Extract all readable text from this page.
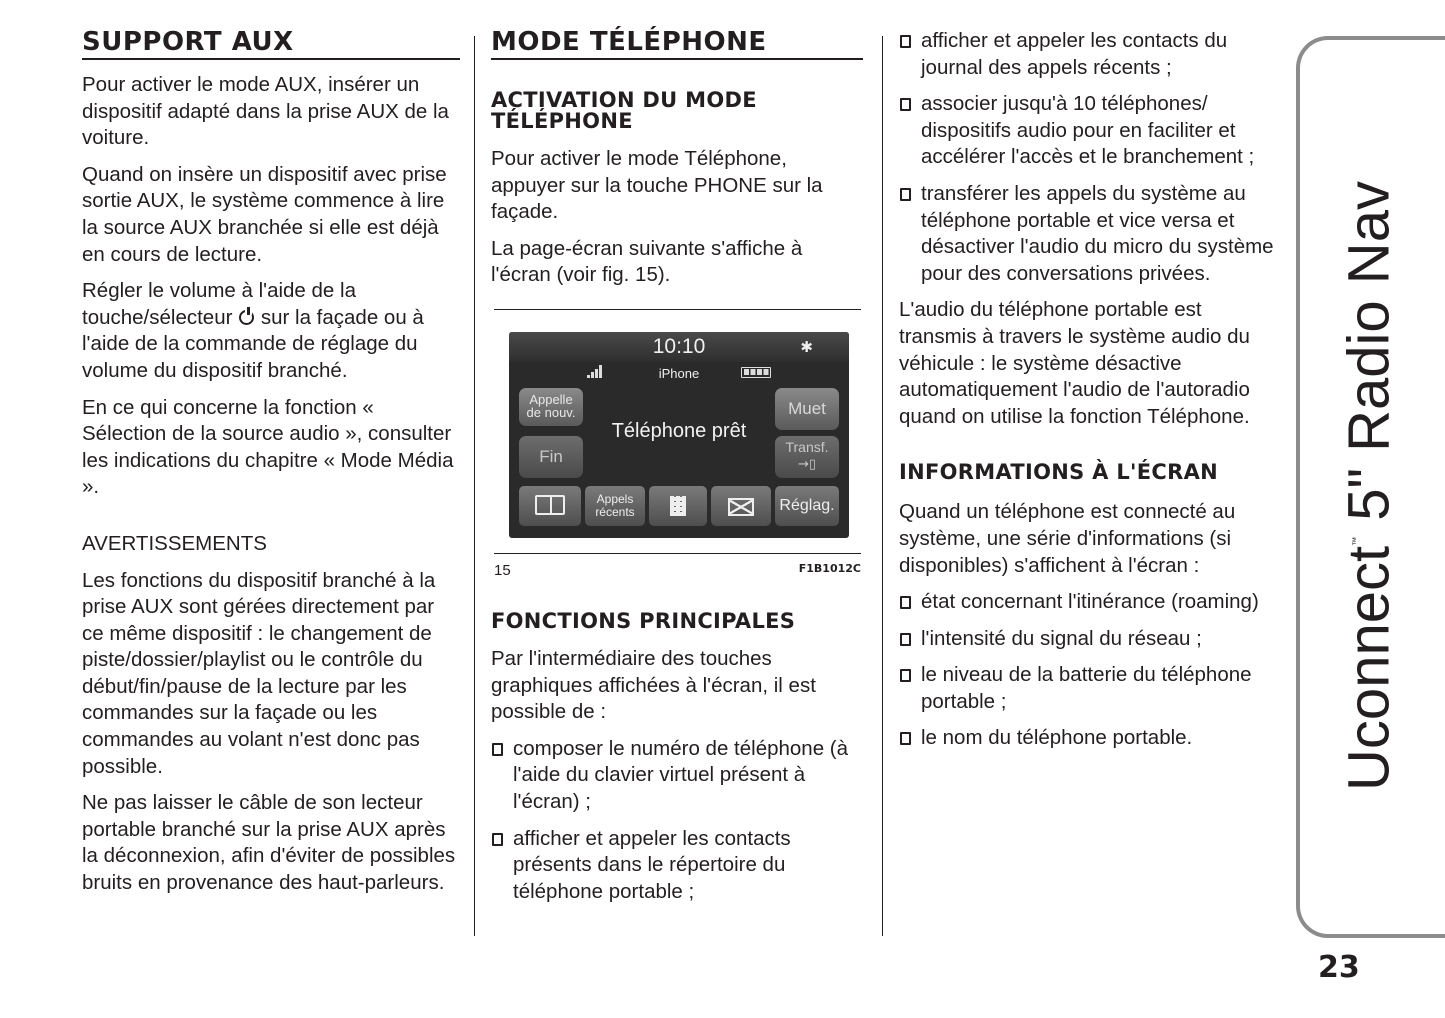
SUPPORT AUX

Pour activer le mode AUX, insérer un dispositif adapté dans la prise AUX de la voiture.

Quand on insère un dispositif avec prise sortie AUX, le système commence à lire la source AUX branchée si elle est déjà en cours de lecture.

Régler le volume à l'aide de la touche/sélecteur sur la façade ou à l'aide de la commande de réglage du volume du dispositif branché.

En ce qui concerne la fonction « Sélection de la source audio », consulter les indications du chapitre « Mode Média ».

AVERTISSEMENTS

Les fonctions du dispositif branché à la prise AUX sont gérées directement par ce même dispositif : le changement de piste/dossier/playlist ou le contrôle du début/fin/pause de la lecture par les commandes sur la façade ou les commandes au volant n'est donc pas possible.

Ne pas laisser le câble de son lecteur portable branché sur la prise AUX après la déconnexion, afin d'éviter de possibles bruits en provenance des haut-parleurs.

MODE TÉLÉPHONE
ACTIVATION DU MODE TÉLÉPHONE

Pour activer le mode Téléphone, appuyer sur la touche PHONE sur la façade.

La page-écran suivante s'affiche à l'écran (voir fig. 15).

10:10	✱
iPhone
Appelle
de nouv.
Fin
Téléphone prêt
Muet
Transf.
→▯
Appels
récents	Réglag.
15	F1B1012C
FONCTIONS PRINCIPALES

Par l'intermédiaire des touches graphiques affichées à l'écran, il est possible de :

composer le numéro de téléphone (à l'aide du clavier virtuel présent à l'écran) ;
afficher et appeler les contacts présents dans le répertoire du téléphone portable ;
afficher et appeler les contacts du journal des appels récents ;
associer jusqu'à 10 téléphones/ dispositifs audio pour en faciliter et accélérer l'accès et le branchement ;
transférer les appels du système au téléphone portable et vice versa et désactiver l'audio du micro du système pour des conversations privées.

L'audio du téléphone portable est transmis à travers le système audio du véhicule : le système désactive automatiquement l'audio de l'autoradio quand on utilise la fonction Téléphone.

INFORMATIONS À L'ÉCRAN

Quand un téléphone est connecté au système, une série d'informations (si disponibles) s'affichent à l'écran :

état concernant l'itinérance (roaming)
l'intensité du signal du réseau ;
le niveau de la batterie du téléphone portable ;
le nom du téléphone portable.	Uconnect™ 5" Radio Nav
23
